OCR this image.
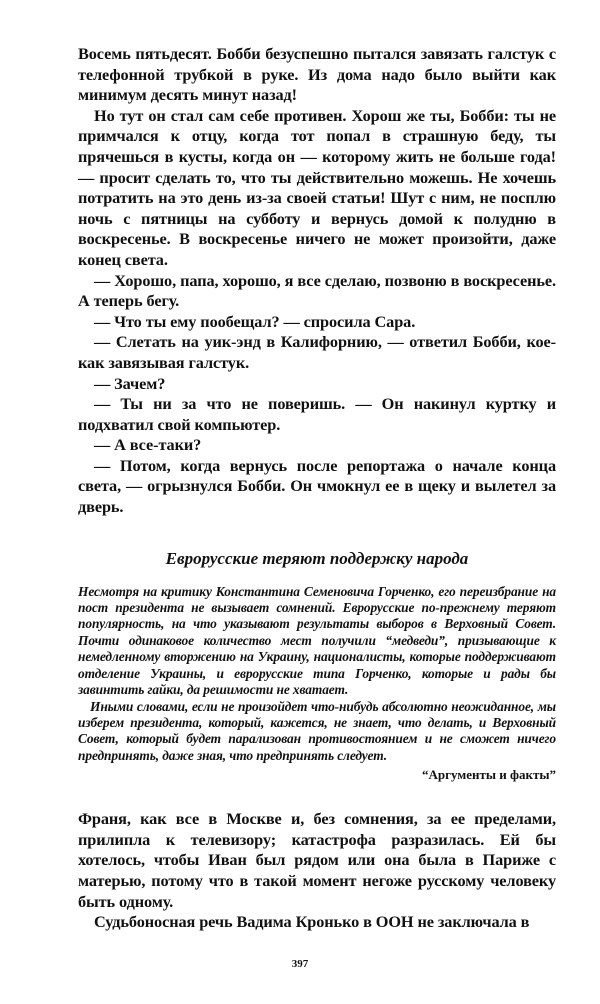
Восемь пятьдесят. Бобби безуспешно пытался завязать галстук с телефонной трубкой в руке. Из дома надо было выйти как минимум десять минут назад!

Но тут он стал сам себе противен. Хорош же ты, Бобби: ты не примчался к отцу, когда тот попал в страшную беду, ты прячешься в кусты, когда он — которому жить не больше года! — просит сделать то, что ты действительно можешь. Не хочешь потратить на это день из-за своей статьи! Шут с ним, не посплю ночь с пятницы на субботу и вернусь домой к полудню в воскресенье. В воскресенье ничего не может произойти, даже конец света.

— Хорошо, папа, хорошо, я все сделаю, позвоню в воскресенье. А теперь бегу.

— Что ты ему пообещал? — спросила Сара.

— Слетать на уик-энд в Калифорнию, — ответил Бобби, кое-как завязывая галстук.

— Зачем?

— Ты ни за что не поверишь. — Он накинул куртку и подхватил свой компьютер.

— А все-таки?

— Потом, когда вернусь после репортажа о начале конца света, — огрызнулся Бобби. Он чмокнул ее в щеку и вылетел за дверь.

Еврорусские теряют поддержку народа

Несмотря на критику Константина Семеновича Горченко, его переизбрание на пост президента не вызывает сомнений. Еврорусские по-прежнему теряют популярность, на что указывают результаты выборов в Верховный Совет. Почти одинаковое количество мест получили “медведи”, призывающие к немедленному вторжению на Украину, националисты, которые поддерживают отделение Украины, и еврорусские типа Горченко, которые и рады бы завинтить гайки, да решимости не хватает.

Иными словами, если не произойдет что-нибудь абсолютно неожиданное, мы изберем президента, который, кажется, не знает, что делать, и Верховный Совет, который будет парализован противостоянием и не сможет ничего предпринять, даже зная, что предпринять следует.

“Аргументы и факты”

Франя, как все в Москве и, без сомнения, за ее пределами, прилипла к телевизору; катастрофа разразилась. Ей бы хотелось, чтобы Иван был рядом или она была в Париже с матерью, потому что в такой момент негоже русскому человеку быть одному.

Судьбоносная речь Вадима Кронько в ООН не заключала в

397
